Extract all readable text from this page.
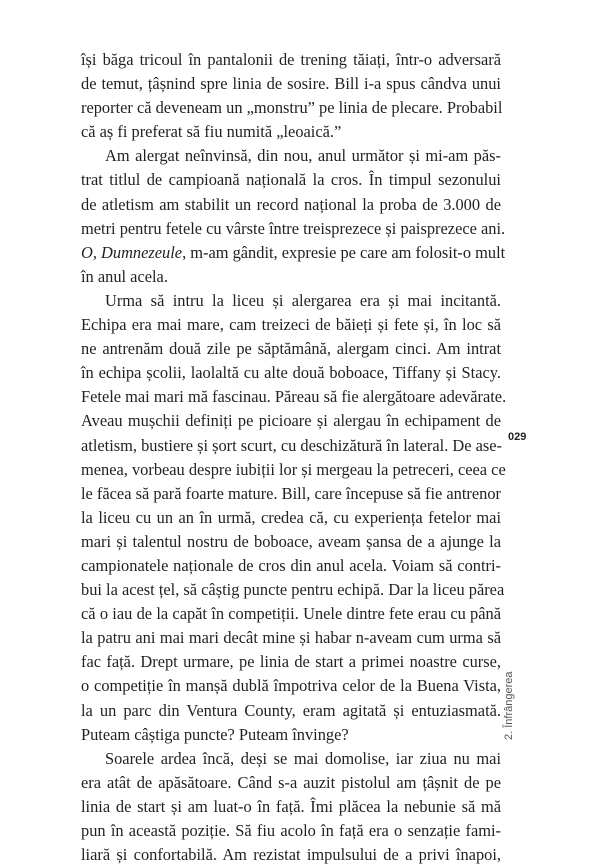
își băga tricoul în pantalonii de trening tăiați, într-o adversară
de temut, țâșnind spre linia de sosire. Bill i-a spus cândva unui
reporter că deveneam un „monstru” pe linia de plecare. Probabil
că aș fi preferat să fiu numită „leoaică.”
Am alergat neînvinsă, din nou, anul următor și mi-am păs-
trat titlul de campioană națională la cros. În timpul sezonului
de atletism am stabilit un record național la proba de 3.000 de
metri pentru fetele cu vârste între treisprezece și paisprezece ani.
O, Dumnezeule, m-am gândit, expresie pe care am folosit-o mult
în anul acela.
Urma să intru la liceu și alergarea era și mai incitantă.
Echipa era mai mare, cam treizeci de băieți și fete și, în loc să
ne antrenăm două zile pe săptămână, alergam cinci. Am intrat
în echipa școlii, laolaltă cu alte două boboace, Tiffany și Stacy.
Fetele mai mari mă fascinau. Păreau să fie alergătoare adevărate.
Aveau mușchii definiți pe picioare și alergau în echipament de
atletism, bustiere și șort scurt, cu deschizătură în lateral. De ase-
menea, vorbeau despre iubiții lor și mergeau la petreceri, ceea ce
le făcea să pară foarte mature. Bill, care începuse să fie antrenor
la liceu cu un an în urmă, credea că, cu experiența fetelor mai
mari și talentul nostru de boboace, aveam șansa de a ajunge la
campionatele naționale de cros din anul acela. Voiam să contri-
bui la acest țel, să câștig puncte pentru echipă. Dar la liceu părea
că o iau de la capăt în competiții. Unele dintre fete erau cu până
la patru ani mai mari decât mine și habar n-aveam cum urma să
fac față. Drept urmare, pe linia de start a primei noastre curse,
o competiție în manșă dublă împotriva celor de la Buena Vista,
la un parc din Ventura County, eram agitată și entuziasmată.
Puteam câștiga puncte? Puteam învinge?
Soarele ardea încă, deși se mai domolise, iar ziua nu mai
era atât de apăsătoare. Când s-a auzit pistolul am țâșnit de pe
linia de start și am luat-o în față. Îmi plăcea la nebunie să mă
pun în această poziție. Să fiu acolo în față era o senzație fami-
liară și confortabilă. Am rezistat impulsului de a privi înapoi,
029
2. Înfrângerea
